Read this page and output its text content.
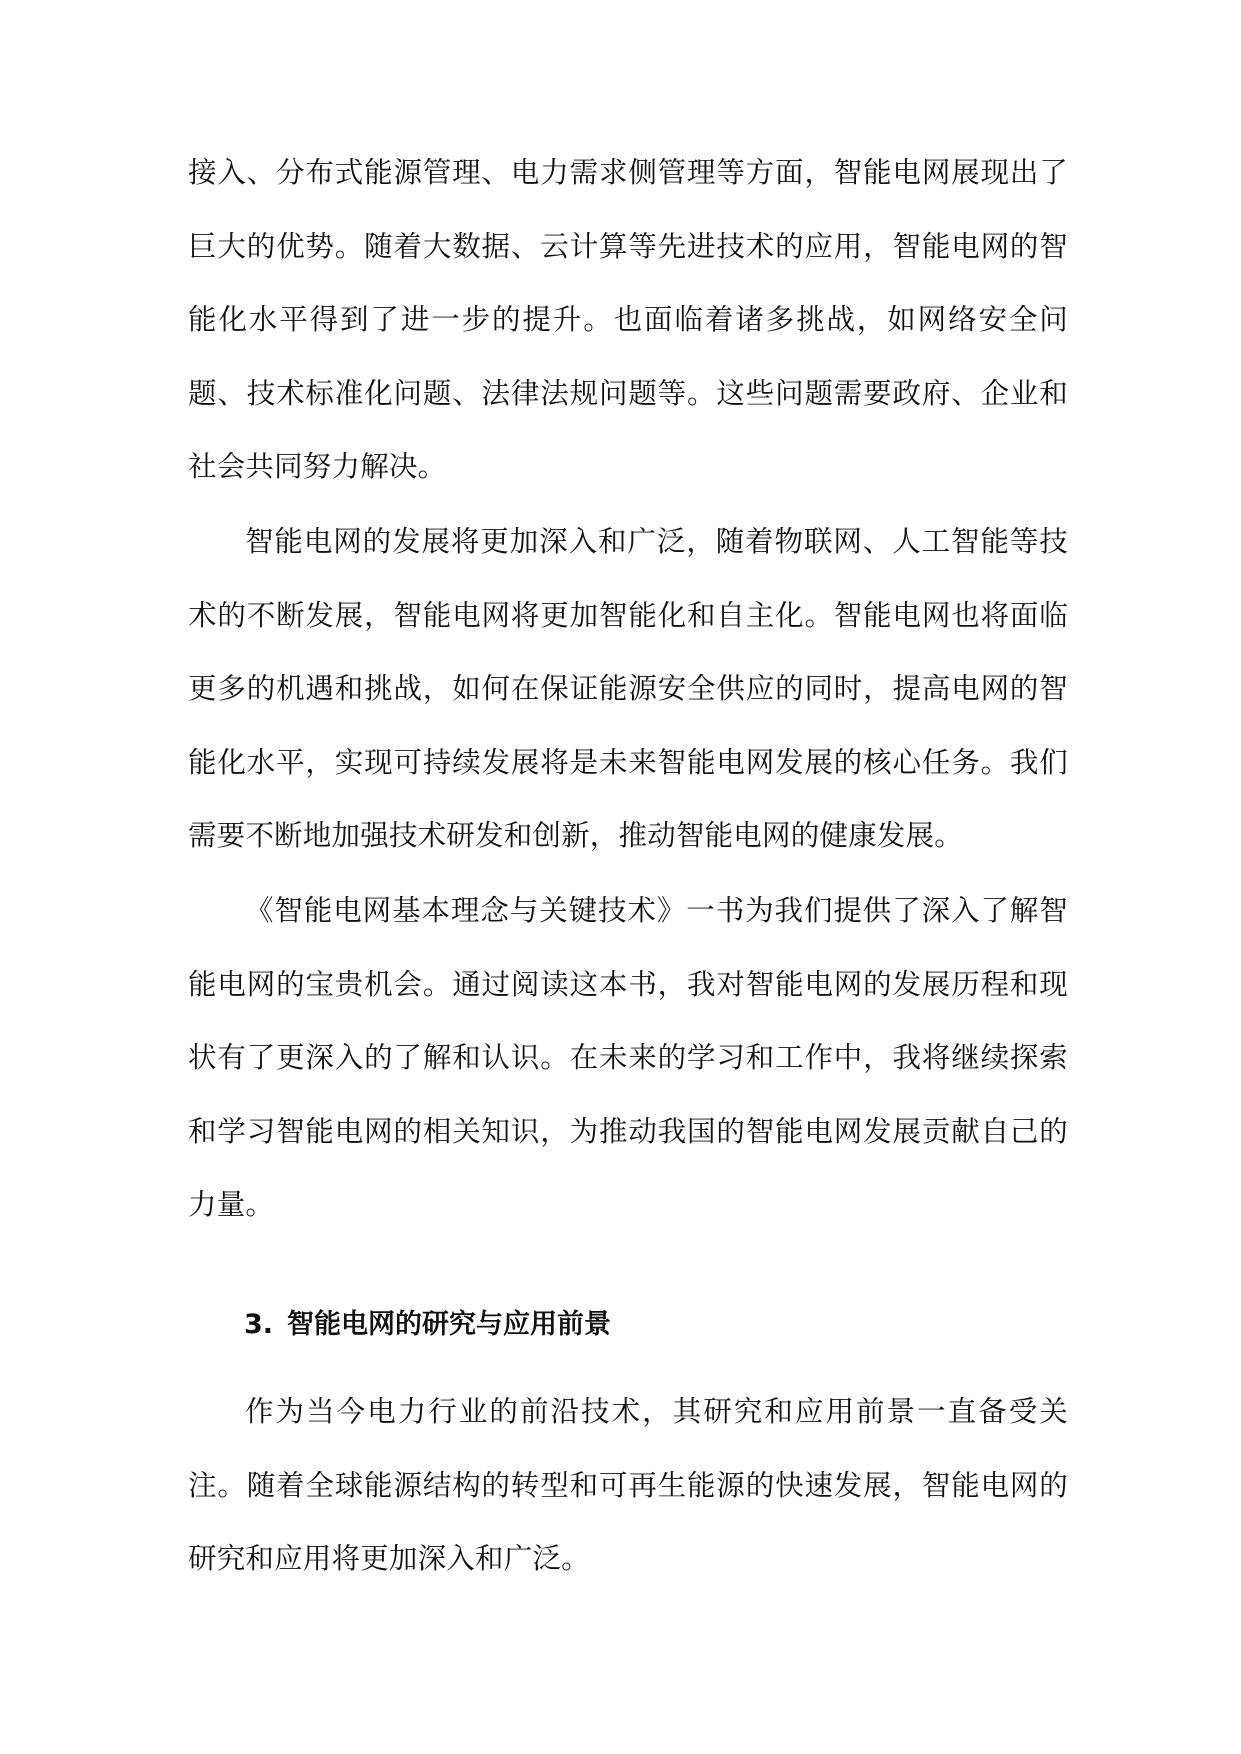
接入、分布式能源管理、电力需求侧管理等方面，智能电网展现出了巨大的优势。随着大数据、云计算等先进技术的应用，智能电网的智能化水平得到了进一步的提升。也面临着诸多挑战，如网络安全问题、技术标准化问题、法律法规问题等。这些问题需要政府、企业和社会共同努力解决。

智能电网的发展将更加深入和广泛，随着物联网、人工智能等技术的不断发展，智能电网将更加智能化和自主化。智能电网也将面临更多的机遇和挑战，如何在保证能源安全供应的同时，提高电网的智能化水平，实现可持续发展将是未来智能电网发展的核心任务。我们需要不断地加强技术研发和创新，推动智能电网的健康发展。

《智能电网基本理念与关键技术》一书为我们提供了深入了解智能电网的宝贵机会。通过阅读这本书，我对智能电网的发展历程和现状有了更深入的了解和认识。在未来的学习和工作中，我将继续探索和学习智能电网的相关知识，为推动我国的智能电网发展贡献自己的力量。

3. 智能电网的研究与应用前景

作为当今电力行业的前沿技术，其研究和应用前景一直备受关注。随着全球能源结构的转型和可再生能源的快速发展，智能电网的研究和应用将更加深入和广泛。
